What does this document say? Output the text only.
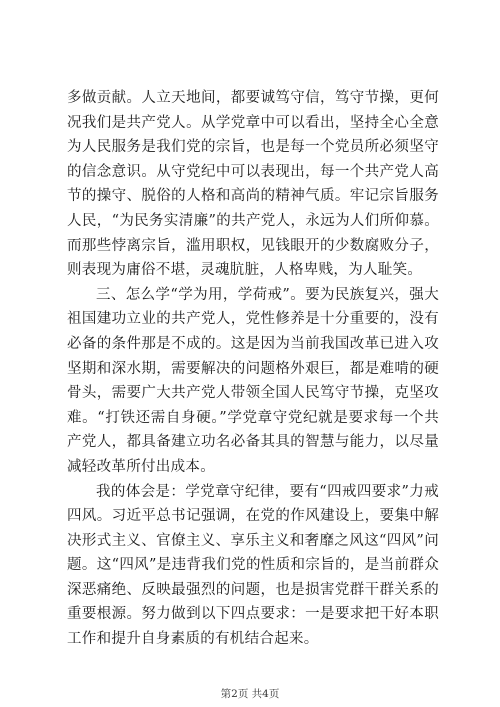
多做贡献。人立天地间，都要诚笃守信，笃守节操，更何况我们是共产党人。从学党章中可以看出，坚持全心全意为人民服务是我们党的宗旨，也是每一个党员所必须坚守的信念意识。从守党纪中可以表现出，每一个共产党人高节的操守、脱俗的人格和高尚的精神气质。牢记宗旨服务人民，“为民务实清廉”的共产党人，永远为人们所仰慕。而那些悖离宗旨，滥用职权，见钱眼开的少数腐败分子，则表现为庸俗不堪，灵魂肮脏，人格卑贱，为人耻笑。

三、怎么学“学为用，学荷戒”。要为民族复兴，强大祖国建功立业的共产党人，党性修养是十分重要的，没有必备的条件那是不成的。这是因为当前我国改革已进入攻坚期和深水期，需要解决的问题格外艰巨，都是难啃的硬骨头，需要广大共产党人带领全国人民笃守节操，克坚攻难。“打铁还需自身硬。”学党章守党纪就是要求每一个共产党人，都具备建立功名必备其具的智慧与能力，以尽量减轻改革所付出成本。

我的体会是：学党章守纪律，要有“四戒四要求”力戒四风。习近平总书记强调，在党的作风建设上，要集中解决形式主义、官僚主义、享乐主义和奢靡之风这“四风”问题。这“四风”是违背我们党的性质和宗旨的，是当前群众深恶痛绝、反映最强烈的问题，也是损害党群干群关系的重要根源。努力做到以下四点要求：一是要求把干好本职工作和提升自身素质的有机结合起来。

第2页 共4页
